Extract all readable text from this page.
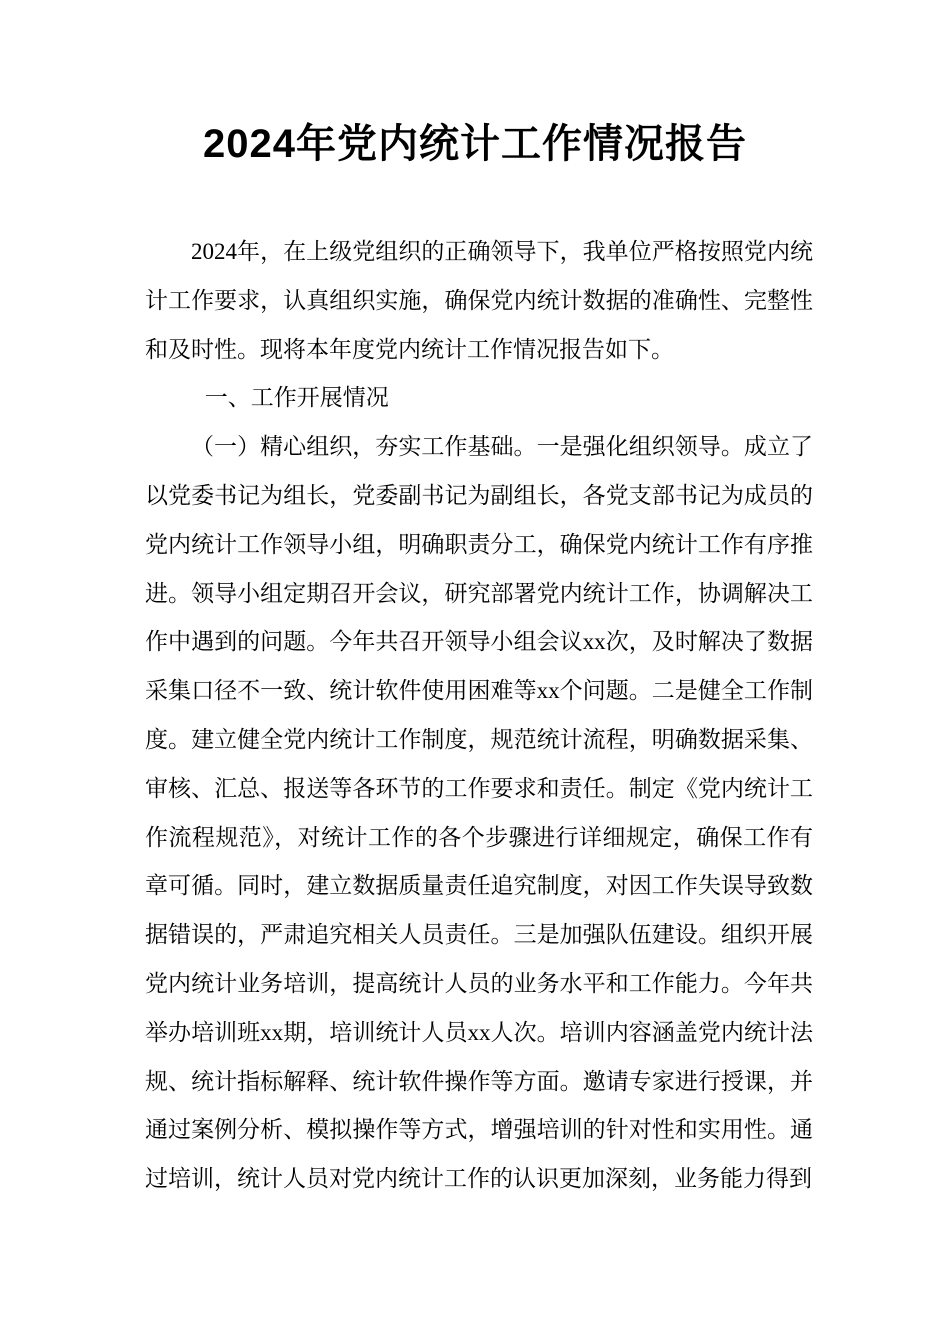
2024年党内统计工作情况报告

2024年，在上级党组织的正确领导下，我单位严格按照党内统计工作要求，认真组织实施，确保党内统计数据的准确性、完整性和及时性。现将本年度党内统计工作情况报告如下。

一、工作开展情况

（一）精心组织，夯实工作基础。一是强化组织领导。成立了以党委书记为组长，党委副书记为副组长，各党支部书记为成员的党内统计工作领导小组，明确职责分工，确保党内统计工作有序推进。领导小组定期召开会议，研究部署党内统计工作，协调解决工作中遇到的问题。今年共召开领导小组会议xx次，及时解决了数据采集口径不一致、统计软件使用困难等xx个问题。二是健全工作制度。建立健全党内统计工作制度，规范统计流程，明确数据采集、审核、汇总、报送等各环节的工作要求和责任。制定《党内统计工作流程规范》，对统计工作的各个步骤进行详细规定，确保工作有章可循。同时，建立数据质量责任追究制度，对因工作失误导致数据错误的，严肃追究相关人员责任。三是加强队伍建设。组织开展党内统计业务培训，提高统计人员的业务水平和工作能力。今年共举办培训班xx期，培训统计人员xx人次。培训内容涵盖党内统计法规、统计指标解释、统计软件操作等方面。邀请专家进行授课，并通过案例分析、模拟操作等方式，增强培训的针对性和实用性。通过培训，统计人员对党内统计工作的认识更加深刻，业务能力得到
